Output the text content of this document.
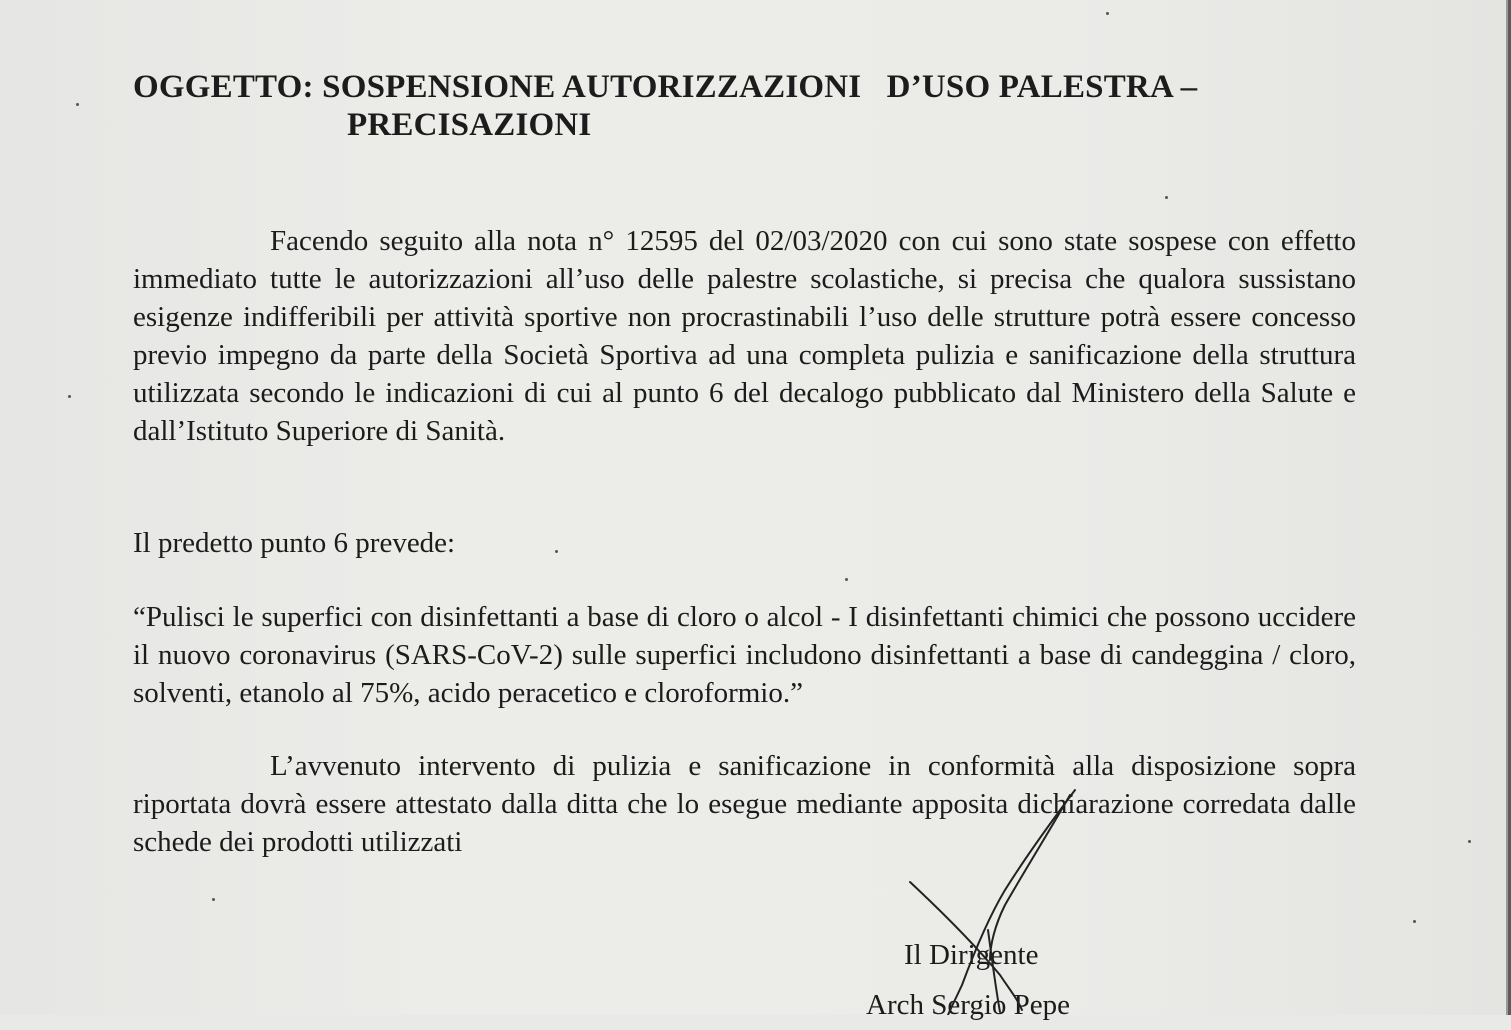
OGGETTO: SOSPENSIONE AUTORIZZAZIONI   D’USO PALESTRA –
PRECISAZIONI

Facendo seguito alla nota n° 12595 del 02/03/2020 con cui sono state sospese con effetto immediato tutte le autorizzazioni all’uso delle palestre scolastiche, si precisa che qualora sussistano esigenze indifferibili per attività sportive non procrastinabili l’uso delle strutture potrà essere concesso previo impegno da parte della Società Sportiva ad una completa pulizia e sanificazione della struttura utilizzata secondo le indicazioni di cui al punto 6 del decalogo pubblicato dal Ministero della Salute e dall’Istituto Superiore di Sanità.

Il predetto punto 6 prevede:

“Pulisci le superfici con disinfettanti a base di cloro o alcol - I disinfettanti chimici che possono uccidere il nuovo coronavirus (SARS-CoV-2) sulle superfici includono disinfettanti a base di candeggina / cloro, solventi, etanolo al 75%, acido peracetico e cloroformio.”

L’avvenuto intervento di pulizia e sanificazione in conformità alla disposizione sopra riportata dovrà essere attestato dalla ditta che lo esegue mediante apposita dichiarazione corredata dalle schede dei prodotti utilizzati

Il Dirigente
Arch Sergio Pepe
